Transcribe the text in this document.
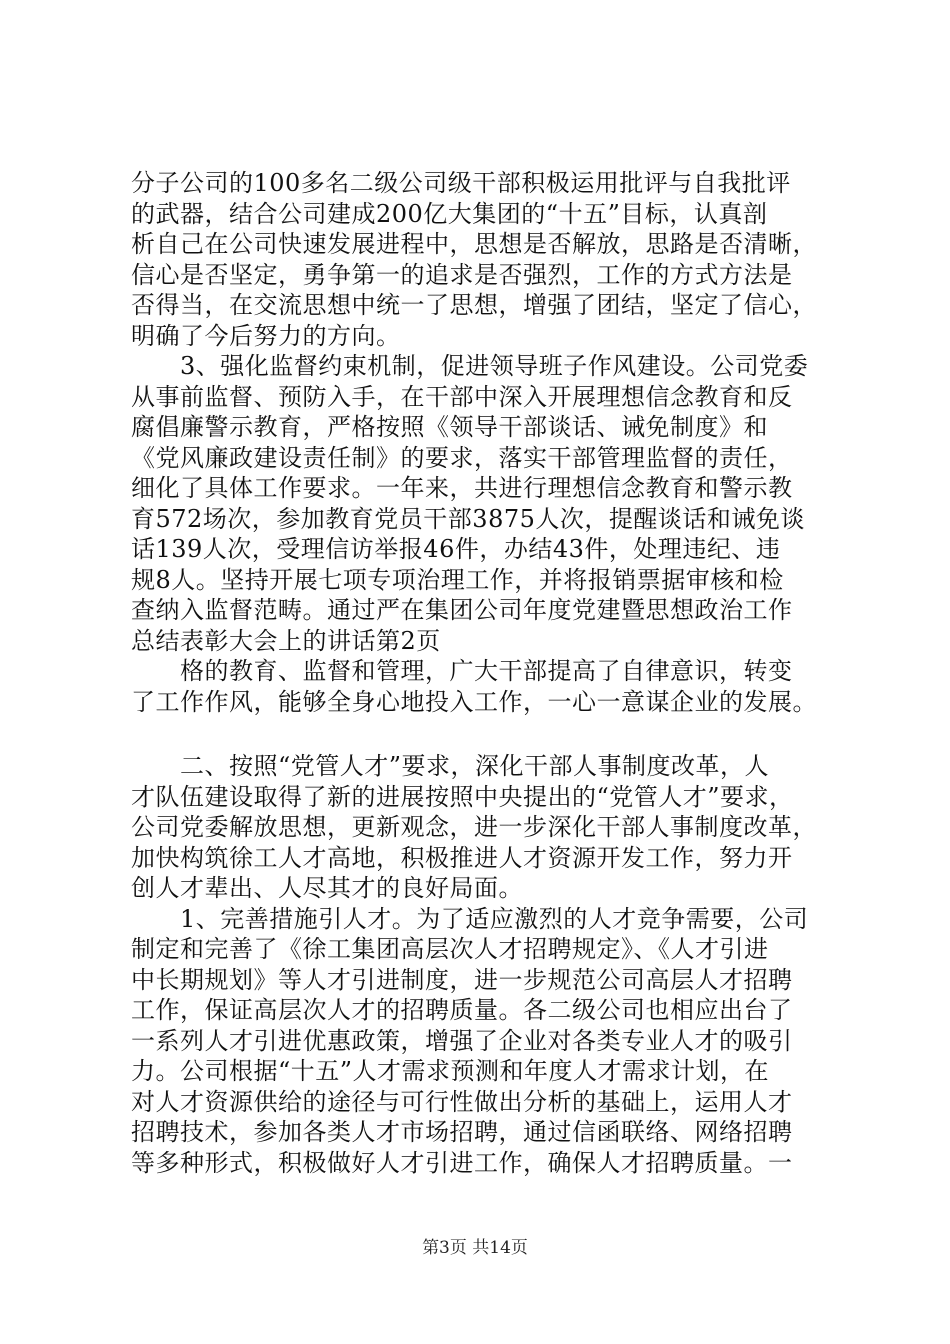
分子公司的100多名二级公司级干部积极运用批评与自我批评
的武器，结合公司建成200亿大集团的“十五”目标，认真剖
析自己在公司快速发展进程中，思想是否解放，思路是否清晰，
信心是否坚定，勇争第一的追求是否强烈，工作的方式方法是
否得当，在交流思想中统一了思想，增强了团结，坚定了信心，
明确了今后努力的方向。
　　3、强化监督约束机制，促进领导班子作风建设。公司党委
从事前监督、预防入手，在干部中深入开展理想信念教育和反
腐倡廉警示教育，严格按照《领导干部谈话、诫免制度》和
《党风廉政建设责任制》的要求，落实干部管理监督的责任，
细化了具体工作要求。一年来，共进行理想信念教育和警示教
育572场次，参加教育党员干部3875人次，提醒谈话和诫免谈
话139人次，受理信访举报46件，办结43件，处理违纪、违
规8人。坚持开展七项专项治理工作，并将报销票据审核和检
查纳入监督范畴。通过严在集团公司年度党建暨思想政治工作
总结表彰大会上的讲话第2页
　　格的教育、监督和管理，广大干部提高了自律意识，转变
了工作作风，能够全身心地投入工作，一心一意谋企业的发展。
　　二、按照“党管人才”要求，深化干部人事制度改革，人
才队伍建设取得了新的进展按照中央提出的“党管人才”要求，
公司党委解放思想，更新观念，进一步深化干部人事制度改革，
加快构筑徐工人才高地，积极推进人才资源开发工作，努力开
创人才辈出、人尽其才的良好局面。
　　1、完善措施引人才。为了适应激烈的人才竞争需要，公司
制定和完善了《徐工集团高层次人才招聘规定》、《人才引进
中长期规划》等人才引进制度，进一步规范公司高层人才招聘
工作，保证高层次人才的招聘质量。各二级公司也相应出台了
一系列人才引进优惠政策，增强了企业对各类专业人才的吸引
力。公司根据“十五”人才需求预测和年度人才需求计划，在
对人才资源供给的途径与可行性做出分析的基础上，运用人才
招聘技术，参加各类人才市场招聘，通过信函联络、网络招聘
等多种形式，积极做好人才引进工作，确保人才招聘质量。一
第3页 共14页
